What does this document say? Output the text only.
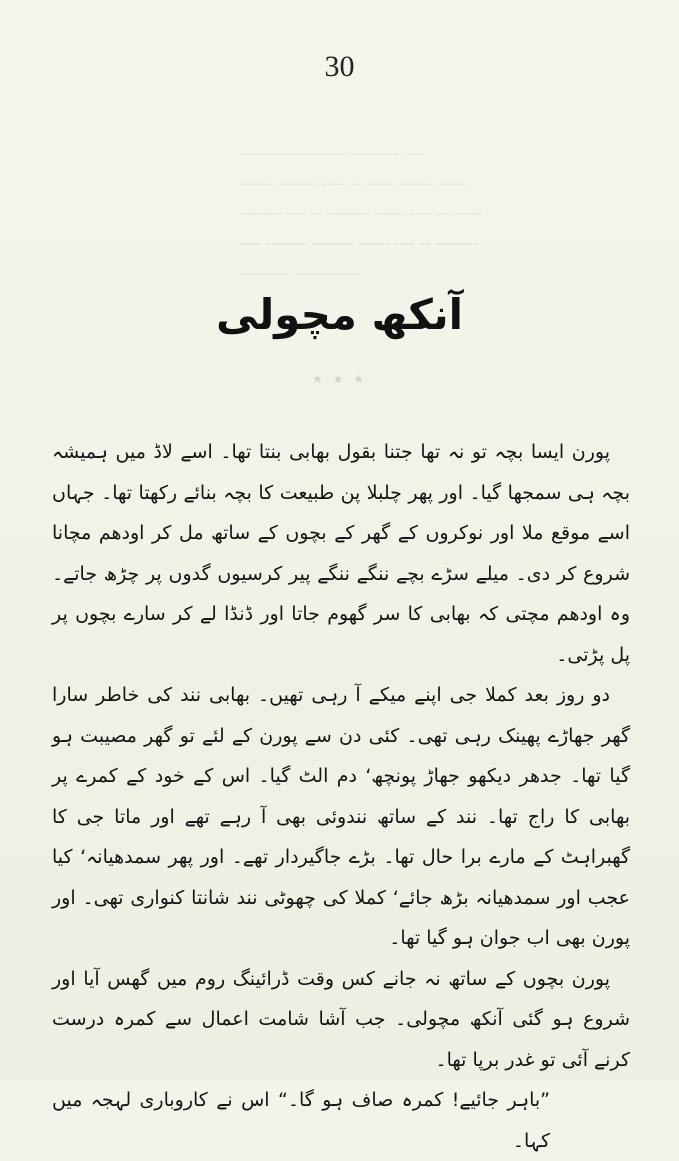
────────── ───── ──
─── ──── ── ─ ─── ─── ───
──── ── ─ ──── ─── ── ─ ───
── ──── ──── ─── ── ─ ────
───── ──────
30
آنکھ مچولی
★ ★ ★

پورن ایسا بچہ تو نہ تھا جتنا بقول بھابی بنتا تھا۔ اسے لاڈ میں ہمیشہ بچہ ہی سمجھا گیا۔ اور پھر چلبلا پن طبیعت کا بچہ بنائے رکھتا تھا۔ جہاں اسے موقع ملا اور نوکروں کے گھر کے بچوں کے ساتھ مل کر اودھم مچانا شروع کر دی۔ میلے سڑے بچے ننگے ننگے پیر کرسیوں گدوں پر چڑھ جاتے۔ وہ اودھم مچتی کہ بھابی کا سر گھوم جاتا اور ڈنڈا لے کر سارے بچوں پر پل پڑتی۔

دو روز بعد کملا جی اپنے میکے آ رہی تھیں۔ بھابی نند کی خاطر سارا گھر جھاڑے پھینک رہی تھی۔ کئی دن سے پورن کے لئے تو گھر مصیبت ہو گیا تھا۔ جدھر دیکھو جھاڑ پونچھ‘ دم الٹ گیا۔ اس کے خود کے کمرے پر بھابی کا راج تھا۔ نند کے ساتھ نندوئی بھی آ رہے تھے اور ماتا جی کا گھبراہٹ کے مارے برا حال تھا۔ بڑے جاگیردار تھے۔ اور پھر سمدھیانہ‘ کیا عجب اور سمدھیانہ بڑھ جائے‘ کملا کی چھوٹی نند شانتا کنواری تھی۔ اور پورن بھی اب جوان ہو گیا تھا۔

پورن بچوں کے ساتھ نہ جانے کس وقت ڈرائینگ روم میں گھس آیا اور شروع ہو گئی آنکھ مچولی۔ جب آشا شامت اعمال سے کمرہ درست کرنے آئی تو غدر برپا تھا۔

”باہر جائیے! کمرہ صاف ہو گا۔“ اس نے کاروباری لہجہ میں کہا۔
